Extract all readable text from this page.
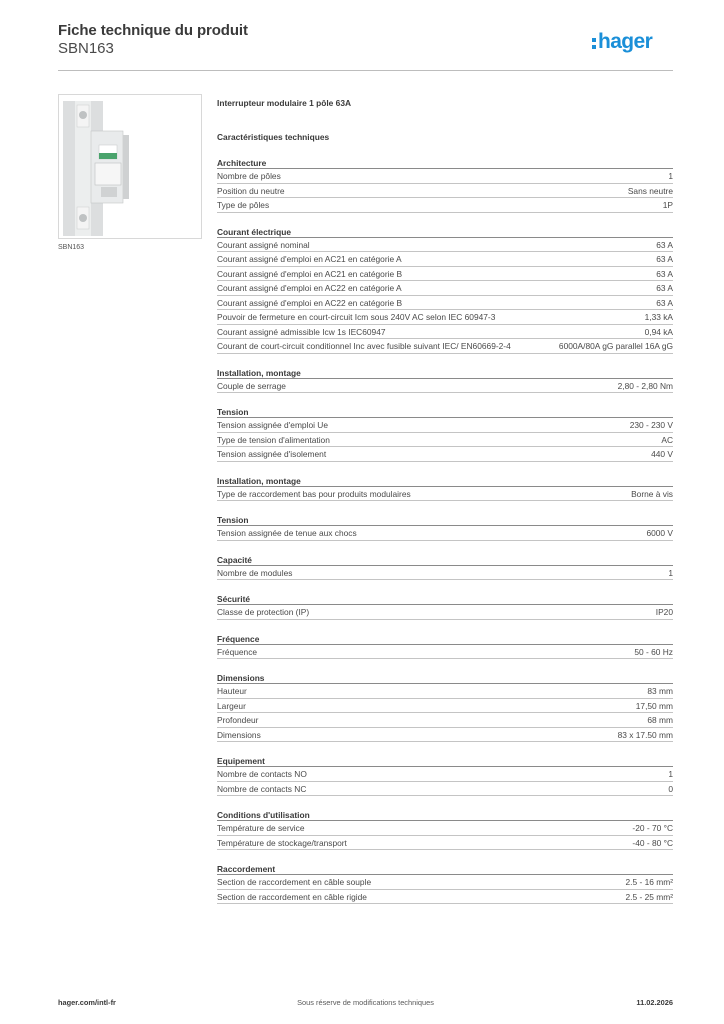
Fiche technique du produit
SBN163	hager
SBN163
Interrupteur modulaire 1 pôle 63A
Caractéristiques techniques
Architecture
Nombre de pôles	1
Position du neutre	Sans neutre
Type de pôles	1P
Courant électrique
Courant assigné nominal	63 A
Courant assigné d'emploi en AC21 en catégorie A	63 A
Courant assigné d'emploi en AC21 en catégorie B	63 A
Courant assigné d'emploi en AC22 en catégorie A	63 A
Courant assigné d'emploi en AC22 en catégorie B	63 A
Pouvoir de fermeture en court-circuit Icm sous 240V AC selon IEC 60947-3	1,33 kA
Courant assigné admissible Icw 1s IEC60947	0,94 kA
Courant de court-circuit conditionnel Inc avec fusible suivant IEC/ EN60669-2-4	6000A/80A gG parallel 16A gG
Installation, montage
Couple de serrage	2,80 - 2,80 Nm
Tension
Tension assignée d'emploi Ue	230 - 230 V
Type de tension d'alimentation	AC
Tension assignée d'isolement	440 V
Installation, montage
Type de raccordement bas pour produits modulaires	Borne à vis
Tension
Tension assignée de tenue aux chocs	6000 V
Capacité
Nombre de modules	1
Sécurité
Classe de protection (IP)	IP20
Fréquence
Fréquence	50 - 60 Hz
Dimensions
Hauteur	83 mm
Largeur	17,50 mm
Profondeur	68 mm
Dimensions	83 x 17.50 mm
Equipement
Nombre de contacts NO	1
Nombre de contacts NC	0
Conditions d'utilisation
Température de service	-20 - 70 °C
Température de stockage/transport	-40 - 80 °C
Raccordement
Section de raccordement en câble souple	2.5 - 16 mm²
Section de raccordement en câble rigide	2.5 - 25 mm²
Sous réserve de modifications techniques
hager.com/intl-fr	11.02.2026
